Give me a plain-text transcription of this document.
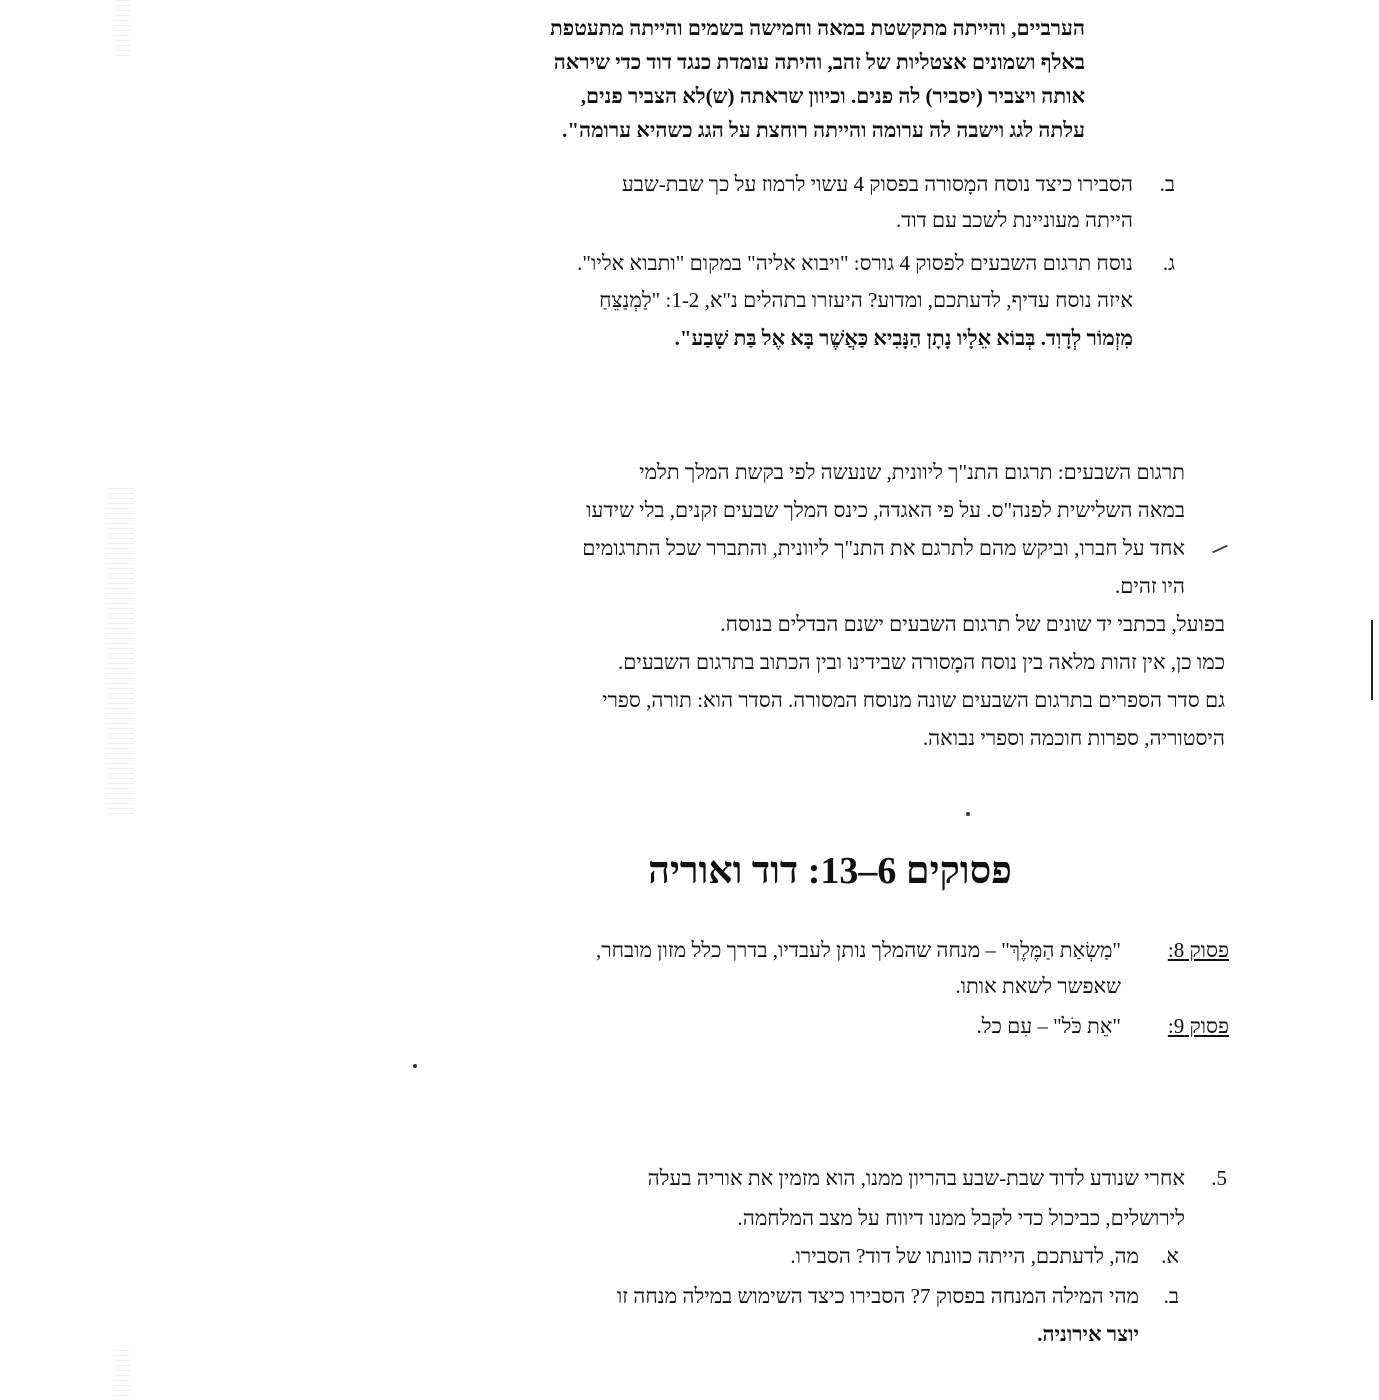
הערביים, והייתה מתקשטת במאה וחמישה בשמים והייתה מתעטפת
באלף ושמונים אצטליות של זהב, והיתה עומדת כנגד דוד כדי שיראה
אותה ויצביר (יסביר) לה פנים. וכיוון שראתה (ש)לא הצביר פנים,
עלתה לגג וישבה לה ערומה והייתה רוחצת על הגג כשהיא ערומה".
ב.
הסבירו כיצד נוסח המָסורה בפסוק 4 עשוי לרמוז על כך שבת-שבע
הייתה מעוניינת לשכב עם דוד.
ג.
נוסח תרגום השבעים לפסוק 4 גורס: "ויבוא אליה" במקום "ותבוא אליו".
איזה נוסח עדיף, לדעתכם, ומדוע? היעזרו בתהלים נ"א, 1-2: "לַמְנַצֵּחַ
מִזְמוֹר לְדָוִד. בְּבוֹא אֵלָיו נָתָן הַנָּבִיא כַּאֲשֶׁר בָּא אֶל בַּת שָׁבַע".
תרגום השבעים: תרגום התנ"ך ליוונית, שנעשה לפי בקשת המלך תלמי
במאה השלישית לפנה"ס. על פי האגדה, כינס המלך שבעים זקנים, בלי שידעו
אחד על חברו, וביקש מהם לתרגם את התנ"ך ליוונית, והתברר שכל התרגומים
היו זהים.
בפועל, בכתבי יד שונים של תרגום השבעים ישנם הבדלים בנוסח.
כמו כן, אין זהות מלאה בין נוסח המָסורה שבידינו ובין הכתוב בתרגום השבעים.
גם סדר הספרים בתרגום השבעים שונה מנוסח המסורה. הסדר הוא: תורה, ספרי
היסטוריה, ספרות חוכמה וספרי נבואה.
פסוקים 6–13: דוד ואוריה
פסוק 8:
"מַשְׂאַת הַמֶּלֶךְ" – מנחה שהמלך נותן לעבדיו, בדרך כלל מזון מובחר,
שאפשר לשאת אותו.
פסוק 9:
"אֵת כֹּל" – עִם כל.
5.
אחרי שנודע לדוד שבת-שבע בהריון ממנו, הוא מזמין את אוריה בעלה
לירושלים, כביכול כדי לקבל ממנו דיווח על מצב המלחמה.
א.
מה, לדעתכם, הייתה כוונתו של דוד? הסבירו.
ב.
מהי המילה המנחה בפסוק 7? הסבירו כיצד השימוש במילה מנחה זו
יוצר אירוניה.
